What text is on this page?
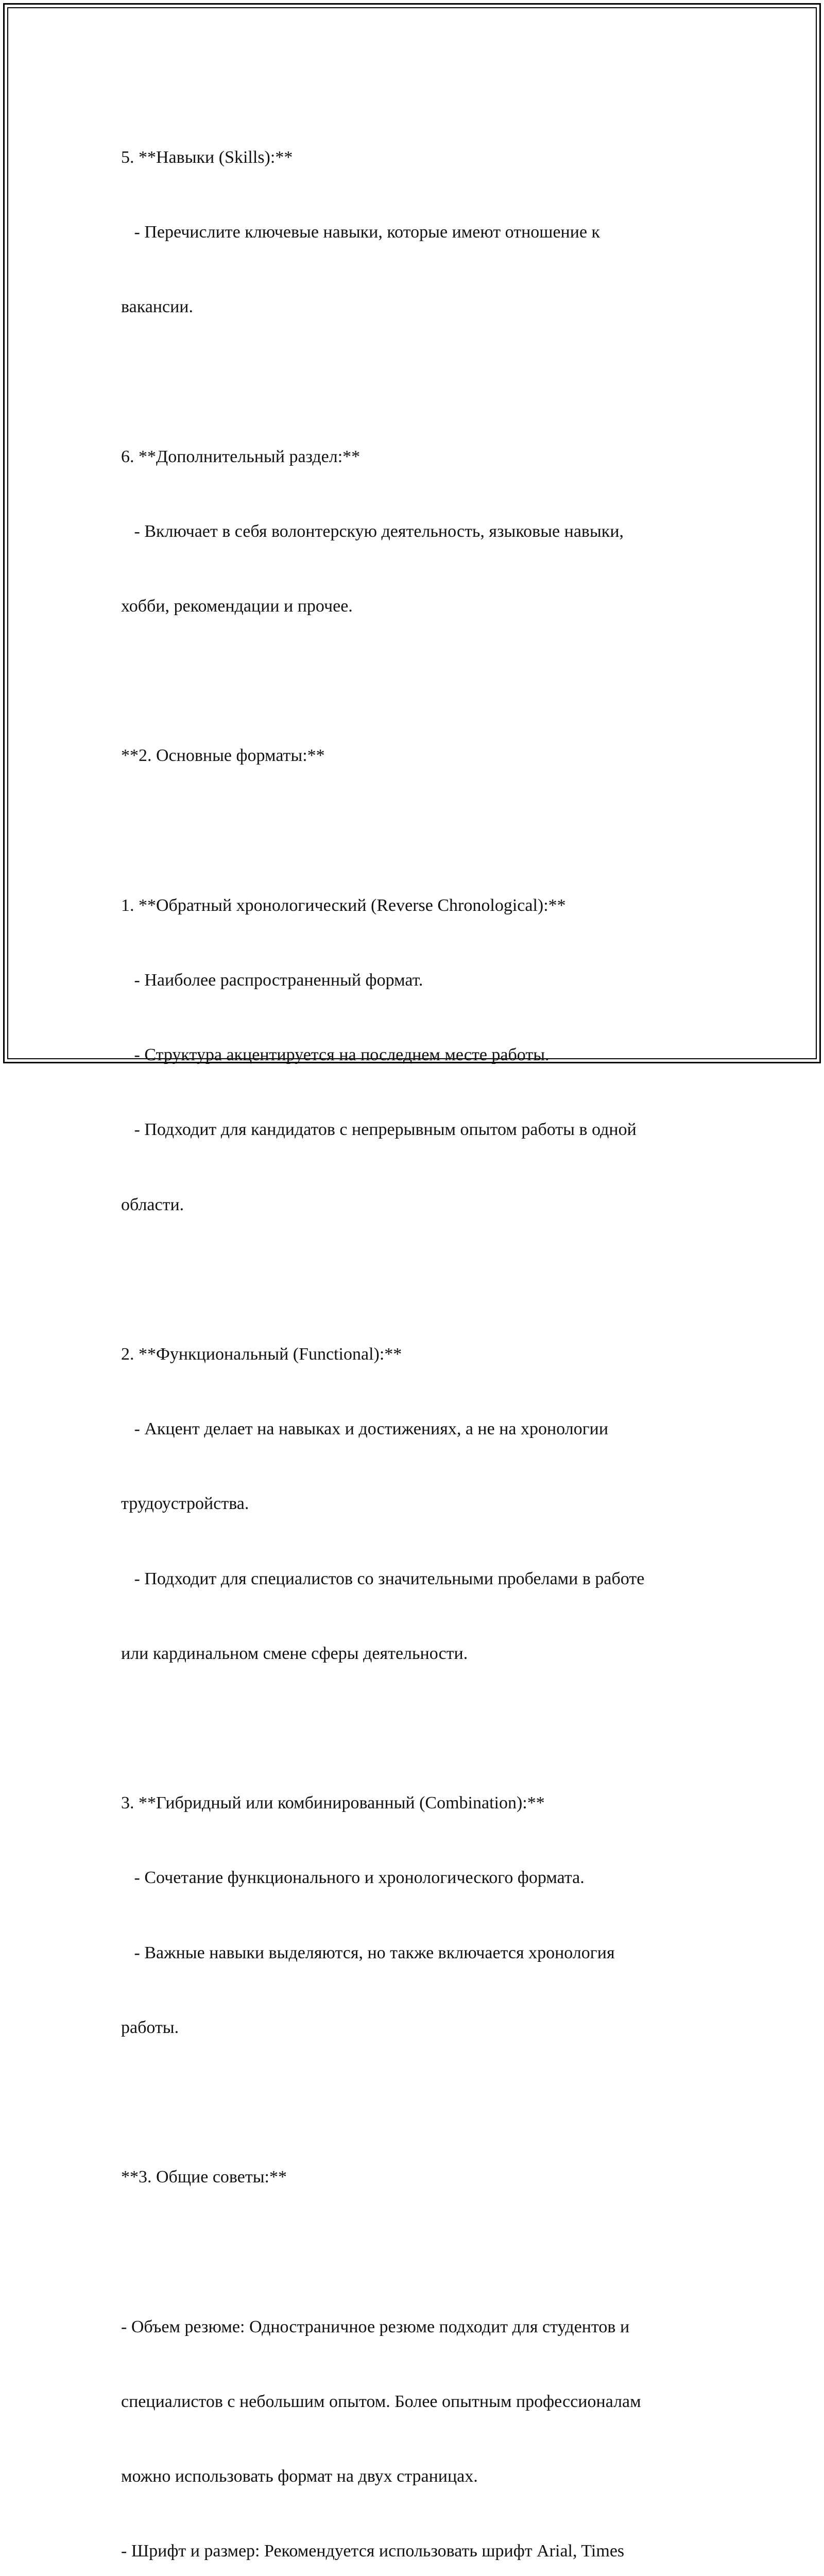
5. **Навыки (Skills):**

- Перечислите ключевые навыки, которые имеют отношение к

вакансии.

6. **Дополнительный раздел:**

- Включает в себя волонтерскую деятельность, языковые навыки,

хобби, рекомендации и прочее.

**2. Основные форматы:**

1. **Обратный хронологический (Reverse Chronological):**

- Наиболее распространенный формат.

- Структура акцентируется на последнем месте работы.

- Подходит для кандидатов с непрерывным опытом работы в одной

области.

2. **Функциональный (Functional):**

- Акцент делает на навыках и достижениях, а не на хронологии

трудоустройства.

- Подходит для специалистов со значительными пробелами в работе

или кардинальном смене сферы деятельности.

3. **Гибридный или комбинированный (Combination):**

- Сочетание функционального и хронологического формата.

- Важные навыки выделяются, но также включается хронология

работы.

**3. Общие советы:**

- Объем резюме: Одностраничное резюме подходит для студентов и

специалистов с небольшим опытом. Более опытным профессионалам

можно использовать формат на двух страницах.

- Шрифт и размер: Рекомендуется использовать шрифт Arial, Times
